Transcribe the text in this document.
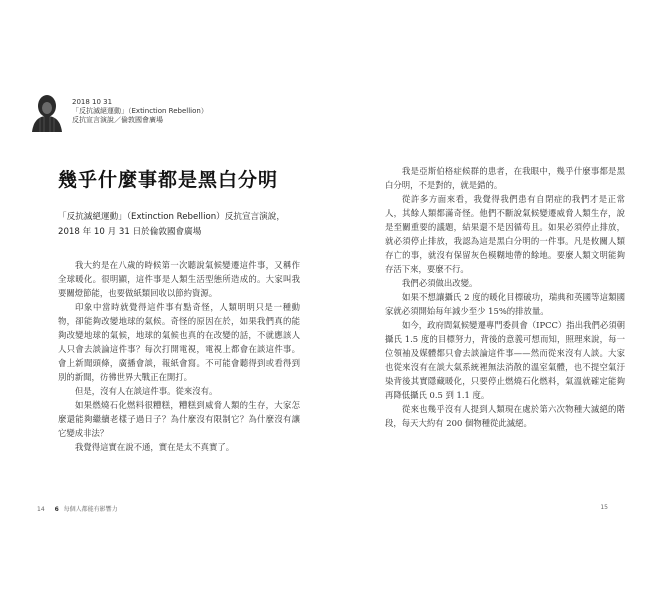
2018 10 31
「反抗滅絕運動」（Extinction Rebellion）
反抗宣言演說／倫敦國會廣場
幾乎什麼事都是黑白分明
「反抗滅絕運動」（Extinction Rebellion）反抗宣言演說，2018 年 10 月 31 日於倫敦國會廣場

我大約是在八歲的時候第一次聽說氣候變遷這件事，又稱作全球暖化。很明顯，這件事是人類生活型態所造成的。大家叫我要關燈節能，也要做紙類回收以節約資源。

印象中當時就覺得這件事有點奇怪，人類明明只是一種動物，卻能夠改變地球的氣候。奇怪的原因在於，如果我們真的能夠改變地球的氣候，地球的氣候也真的在改變的話，不就應該人人只會去談論這件事？每次打開電視，電視上都會在談這件事。會上新聞頭條，廣播會談，報紙會寫。不可能會聽得到或看得到別的新聞，彷彿世界大戰正在開打。

但是，沒有人在談這件事。從來沒有。

如果燃燒石化燃料很糟糕，糟糕到威脅人類的生存，大家怎麼還能夠繼續老樣子過日子？為什麼沒有限制它？為什麼沒有讓它變成非法？

我覺得這實在說不通，實在是太不真實了。

14 6 每個人都能有影響力

我是亞斯伯格症候群的患者，在我眼中，幾乎什麼事都是黑白分明，不是對的，就是錯的。

從許多方面來看，我覺得我們患有自閉症的我們才是正常人，其餘人類都滿奇怪。他們不斷說氣候變遷威脅人類生存，說是至關重要的議題，結果還不是因循苟且。如果必須停止排放，就必須停止排放，我認為這是黑白分明的一件事。凡是攸關人類存亡的事，就沒有保留灰色模糊地帶的餘地。要麼人類文明能夠存活下來，要麼不行。

我們必須做出改變。

如果不想讓攝氏 2 度的暖化目標破功，瑞典和英國等這類國家就必須開始每年減少至少 15%的排放量。

如今，政府間氣候變遷專門委員會（IPCC）指出我們必須朝攝氏 1.5 度的目標努力，背後的意義可想而知，照理來說，每一位領袖及媒體都只會去談論這件事——然而從來沒有人談。大家也從來沒有在談大氣系統裡無法消散的溫室氣體，也不提空氣汙染背後其實隱藏暖化，只要停止燃燒石化燃料，氣溫就確定能夠再降低攝氏 0.5 到 1.1 度。

從來也幾乎沒有人提到人類現在處於第六次物種大滅絕的階段，每天大約有 200 個物種從此滅絕。

15
